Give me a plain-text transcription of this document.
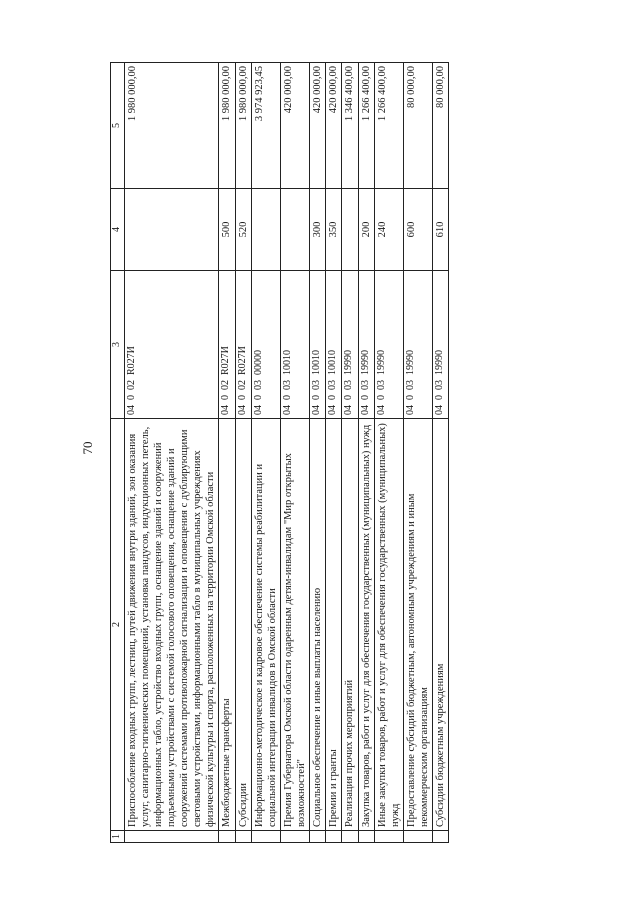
70
1	2	3	4	5
	Приспособление входных групп, лестниц, путей движения внутри зданий, зон оказания услуг, санитарно-гигиенических помещений, установка пандусов, индукционных петель, информационных табло, устройство входных групп, оснащение зданий и сооружений подъемными устройствами с системой голосового оповещения, оснащение зданий и сооружений системами противопожарной сигнализации и оповещения с дублирующими световыми устройствами, информационными табло в муниципальных учреждениях физической культуры и спорта, расположенных на территории Омской области	04  0  02  R027И		1 980 000,00
	Межбюджетные трансферты	04  0  02  R027И	500	1 980 000,00
	Субсидии	04  0  02  R027И	520	1 980 000,00
	Информационно-методическое и кадровое обеспечение системы реабилитации и социальной интеграции инвалидов в Омской области	04  0  03  00000		3 974 923,45
	Премия Губернатора Омской области одаренным детям-инвалидам "Мир открытых возможностей"	04  0  03  10010		420 000,00
	Социальное обеспечение и иные выплаты населению	04  0  03  10010	300	420 000,00
	Премии и гранты	04  0  03  10010	350	420 000,00
	Реализация прочих мероприятий	04  0  03  19990		1 346 400,00
	Закупка товаров, работ и услуг для обеспечения государственных (муниципальных) нужд	04  0  03  19990	200	1 266 400,00
	Иные закупки товаров, работ и услуг для обеспечения государственных (муниципальных) нужд	04  0  03  19990	240	1 266 400,00
	Предоставление субсидий бюджетным, автономным учреждениям и иным некоммерческим организациям	04  0  03  19990	600	80 000,00
	Субсидии бюджетным учреждениям	04  0  03  19990	610	80 000,00
